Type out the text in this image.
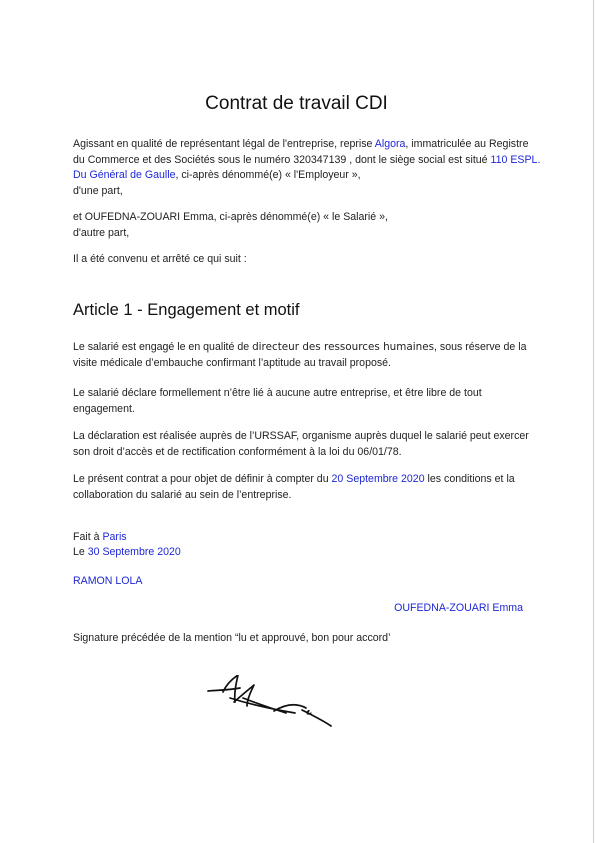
Contrat de travail CDI
Agissant en qualité de représentant légal de l'entreprise, reprise Algora, immatriculée au Registre du Commerce et des Sociétés sous le numéro 320347139 , dont le siège social est situé 110 ESPL. Du Général de Gaulle, ci-après dénommé(e) « l'Employeur »,
d'une part,
et OUFEDNA-ZOUARI Emma, ci-après dénommé(e) « le Salarié »,
d'autre part,
Il a été convenu et arrêté ce qui suit :
Article 1 - Engagement et motif
Le salarié est engagé le en qualité de directeur des ressources humaines, sous réserve de la visite médicale d’embauche confirmant l’aptitude au travail proposé.
Le salarié déclare formellement n’être lié à aucune autre entreprise, et être libre de tout engagement.
La déclaration est réalisée auprès de l’URSSAF, organisme auprès duquel le salarié peut exercer son droit d’accès et de rectification conformément à la loi du 06/01/78.
Le présent contrat a pour objet de définir à compter du 20 Septembre 2020 les conditions et la collaboration du salarié au sein de l’entreprise.
Fait à Paris
Le 30 Septembre 2020
RAMON LOLA
OUFEDNA-ZOUARI Emma
Signature précédée de la mention “lu et approuvé, bon pour accord’
